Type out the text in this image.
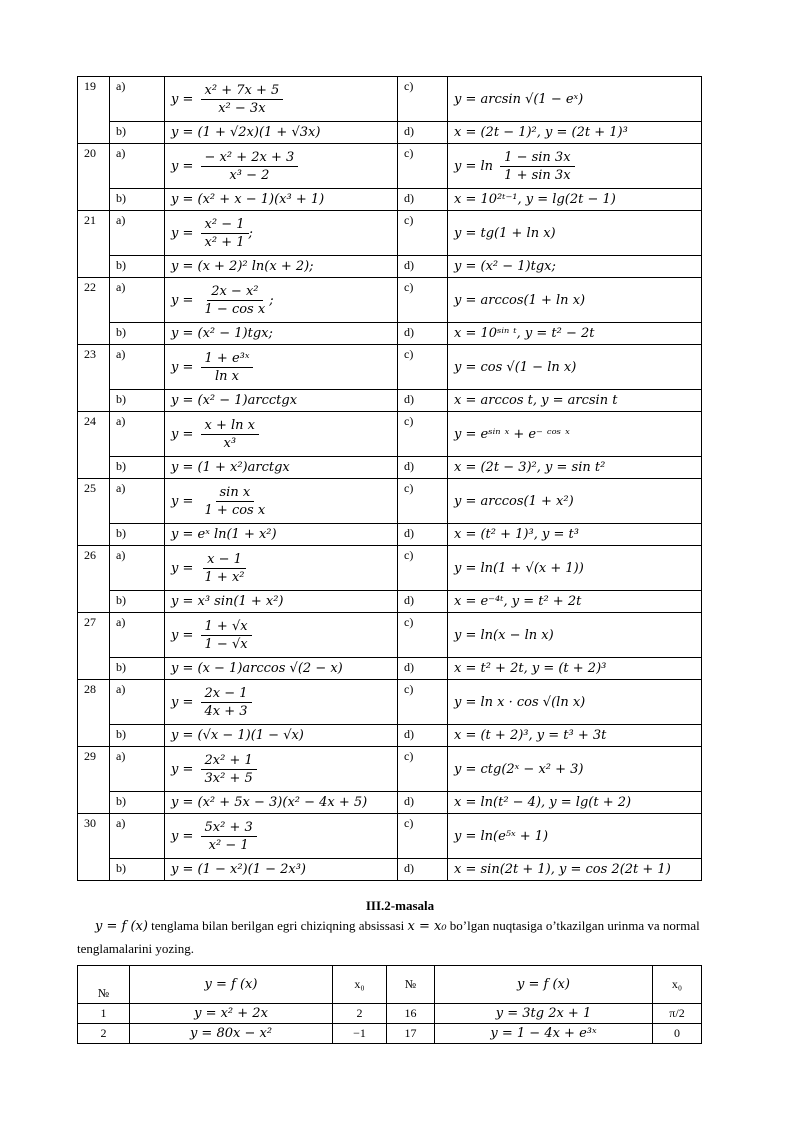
19	a)	$y = \frac{\text{x² + 7x + 5}}{\text{x² − 3x}}$	c)	y = arcsin √(1 − eˣ)
	b)	y = (1 + √2x)(1 + √3x)	d)	x = (2t − 1)², y = (2t + 1)³
20	a)	$y = \frac{\text{− x² + 2x + 3}}{\text{x³ − 2}}$	c)	$y = \ln \frac{1 - \sin 3x}{1 + \sin 3x}$

	b)	y = (x² + x − 1)(x³ + 1)	d)	x = 10²ᵗ⁻¹, y = lg(2t − 1)
21	a)	$y = \frac{\text{x² − 1}}{\text{x² + 1}}$ ;	c)	y = tg(1 + ln x)
	b)	y = (x + 2)² ln(x + 2);	d)	y = (x² − 1)tgx;
22	a)	$y = \frac{\text{2x − x²}}{\text{1 − cos x}}$ ;	c)	y = arccos(1 + ln x)
	b)	y = (x² − 1)tgx;	d)	x = 10ˢⁱⁿ ᵗ, y = t² − 2t
23	a)	$y = \frac{\text{1 + e³ˣ}}{\text{ln x}}$	c)	y = cos √(1 − ln x)
	b)	y = (x² − 1)arcctgx	d)	x = arccos t, y = arcsin t
24	a)	$y = \frac{\text{x + ln x}}{\text{x³}}$	c)	y = eˢⁱⁿ ˣ + e⁻ ᶜᵒˢ ˣ
	b)	y = (1 + x²)arctgx	d)	x = (2t − 3)², y = sin t²
25	a)	$y = \frac{\text{sin x}}{\text{1 + cos x}}$	c)	y = arccos(1 + x²)
	b)	y = eˣ ln(1 + x²)	d)	x = (t² + 1)³, y = t³
26	a)	$y = \frac{x - 1}{\text{1 + x²}}$	c)	y = ln(1 + √(x + 1))
	b)	y = x³ sin(1 + x²)	d)	x = e⁻⁴ᵗ, y = t² + 2t
27	a)	$y = \frac{1 + √x}{1 - √x}$	c)	y = ln(x − ln x)
	b)	y = (x − 1)arccos √(2 − x)	d)	x = t² + 2t, y = (t + 2)³
28	a)	$y = \frac{2x - 1}{4x + 3}$	c)	y = ln x · cos √(ln x)
	b)	y = (√x − 1)(1 − √x)	d)	x = (t + 2)³, y = t³ + 3t
29	a)	$y = \frac{\text{2x² + 1}}{\text{3x² + 5}}$	c)	y = ctg(2ˣ − x² + 3)
	b)	y = (x² + 5x − 3)(x² − 4x + 5)	d)	x = ln(t² − 4), y = lg(t + 2)
30	a)	$y = \frac{\text{5x² + 3}}{\text{x² − 1}}$	c)	y = ln(e⁵ˣ + 1)
	b)	y = (1 − x²)(1 − 2x³)	d)	x = sin(2t + 1), y = cos 2(2t + 1)
III.2-masala
y = f (x) tenglama bilan berilgan egri chiziqning absissasi x = x₀ bo’lgan nuqtasiga o’tkazilgan urinma va normal tenglamalarini yozing.
№	y = f (x)	x₀	№	y = f (x)	x₀
1	y = x² + 2x	2	16	y = 3tg 2x + 1	π/2
2	y = 80x − x²	−1	17	y = 1 − 4x + e³ˣ	0
